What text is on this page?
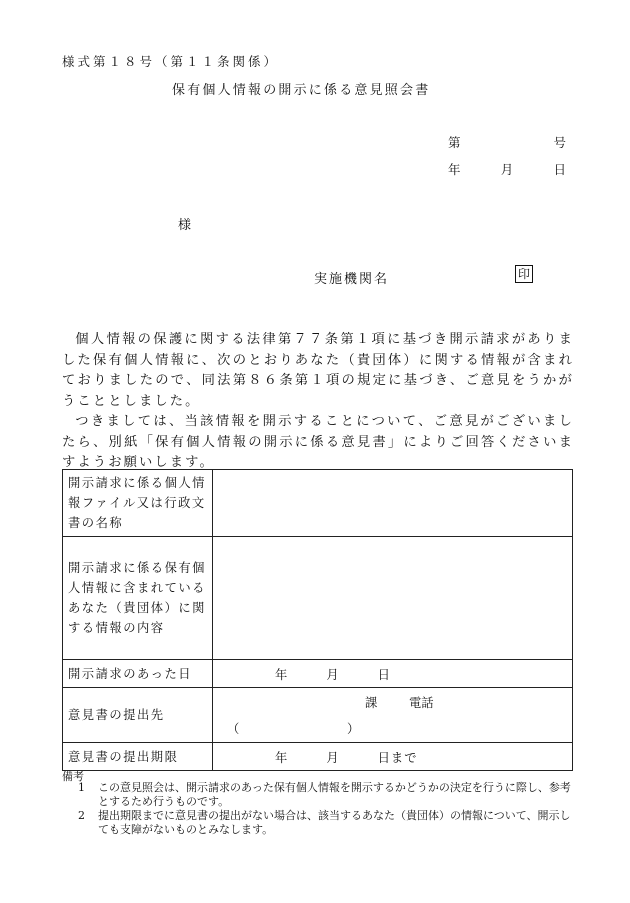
様式第１８号（第１１条関係）
保有個人情報の開示に係る意見照会書
第	号
年	月	日
様
実施機関名	印

個人情報の保護に関する法律第７７条第１項に基づき開示請求がありました保有個人情報に、次のとおりあなた（貴団体）に関する情報が含まれておりましたので、同法第８６条第１項の規定に基づき、ご意見をうかがうこととしました。

つきましては、当該情報を開示することについて、ご意見がございましたら、別紙「保有個人情報の開示に係る意見書」によりご回答くださいますようお願いします。

開示請求に係る個人情報ファイル又は行政文書の名称	
開示請求に係る保有個人情報に含まれているあなた（貴団体）に関する情報の内容	
開示請求のあった日	年 月 日
意見書の提出先	課 電話
（ ）

意見書の提出期限	年 月 日まで
備考
1	この意見照会は、開示請求のあった保有個人情報を開示するかどうかの決定を行うに際し、参考とするため行うものです。
2	提出期限までに意見書の提出がない場合は、該当するあなた（貴団体）の情報について、開示しても支障がないものとみなします。
